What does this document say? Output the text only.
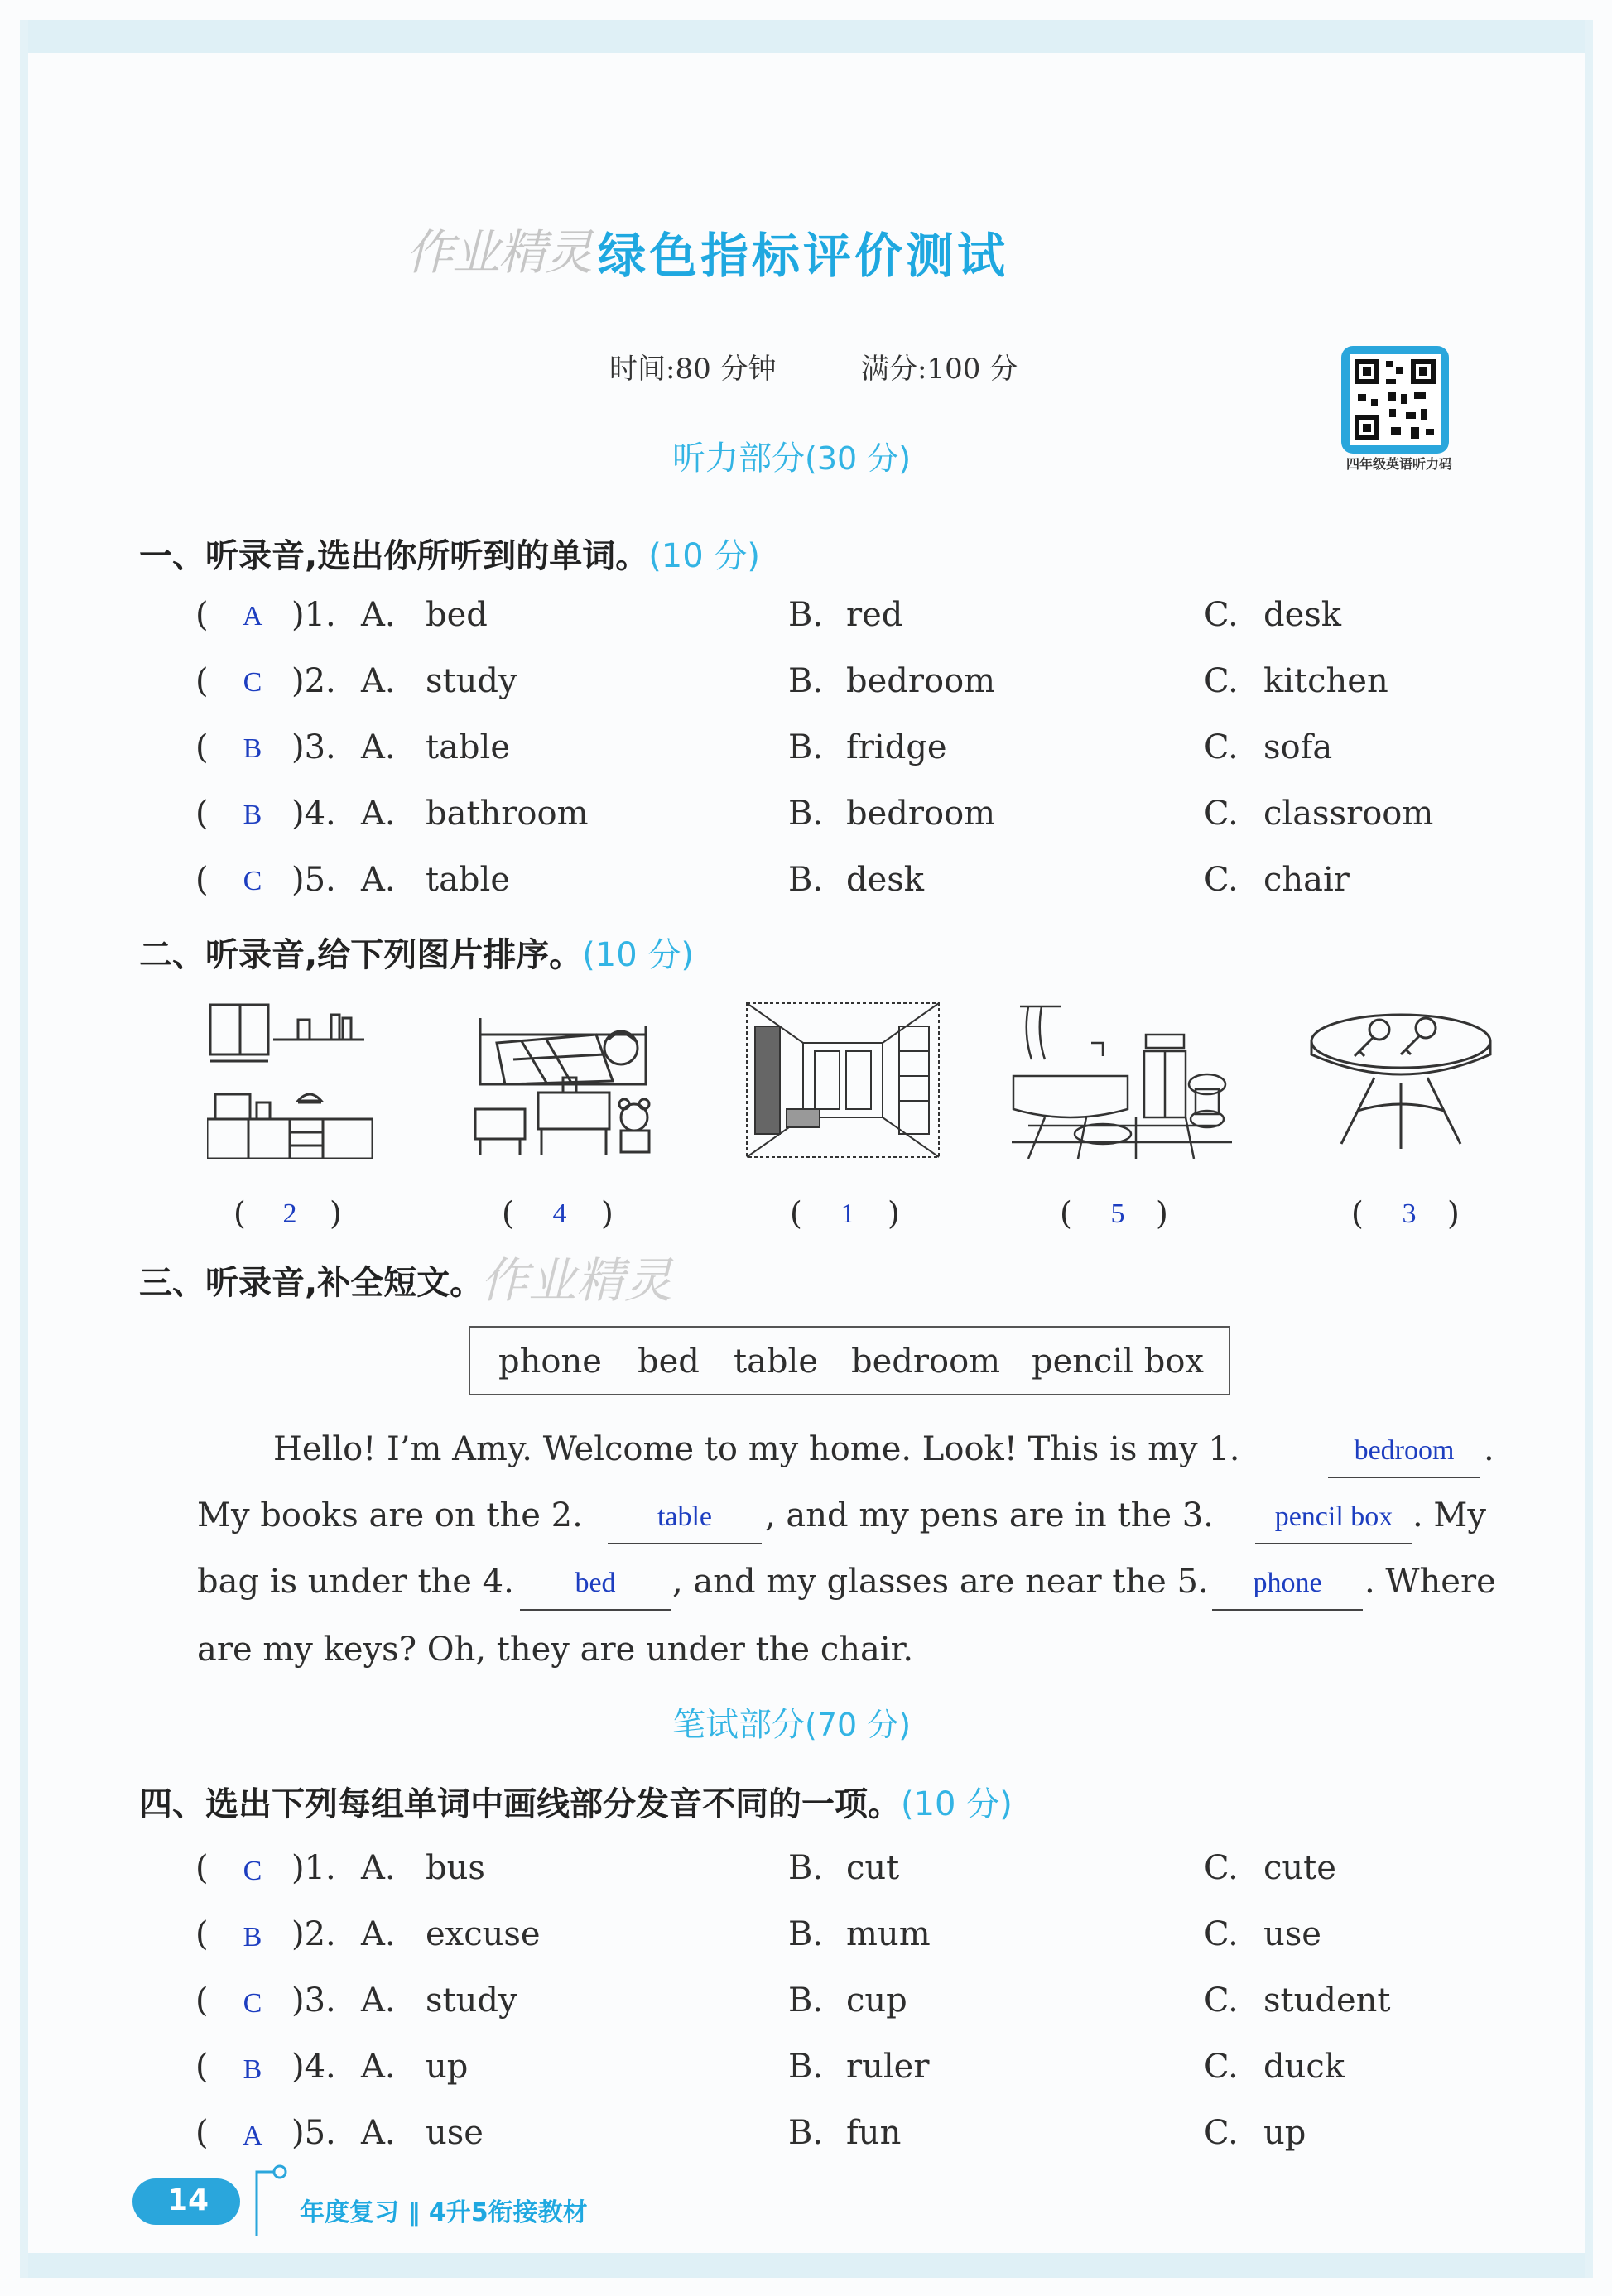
作业精灵 绿色指标评价测试
时间:80 分钟	满分:100 分
四年级英语听力码
听力部分(30 分)
一、听录音,选出你所听到的单词。(10 分)
(	A )1. A. bed	B. red	C. desk
(	C )2. A. study	B. bedroom	C. kitchen
(	B )3. A. table	B. fridge	C. sofa
(	B )4. A. bathroom	B. bedroom	C. classroom
(	C )5. A. table	B. desk	C. chair
二、听录音,给下列图片排序。(10 分)
(	2	)	(	4	)	(	1	)	(	5 )	(	3 )
三、听录音,补全短文。
作业精灵
phone bed table bedroom pencil box
Hello! I’m Amy. Welcome to my home. Look! This is my 1.	bedroom .
My books are on the 2.	table	, and my pens are in the 3.	pencil box . My
bag is under the 4.	bed	, and my glasses are near the 5.	phone	. Where
are my keys? Oh, they are under the chair.
笔试部分(70 分)
四、选出下列每组单词中画线部分发音不同的一项。(10 分)
(	C )1. A. bus	B. cut	C. cute
(	B )2. A. excuse	B. mum	C. use
(	C )3. A. study	B. cup	C. student
(	B )4. A. up	B. ruler	C. duck
(	A )5. A. use	B. fun	C. up
14	年度复习 ‖ 4升5衔接教材
